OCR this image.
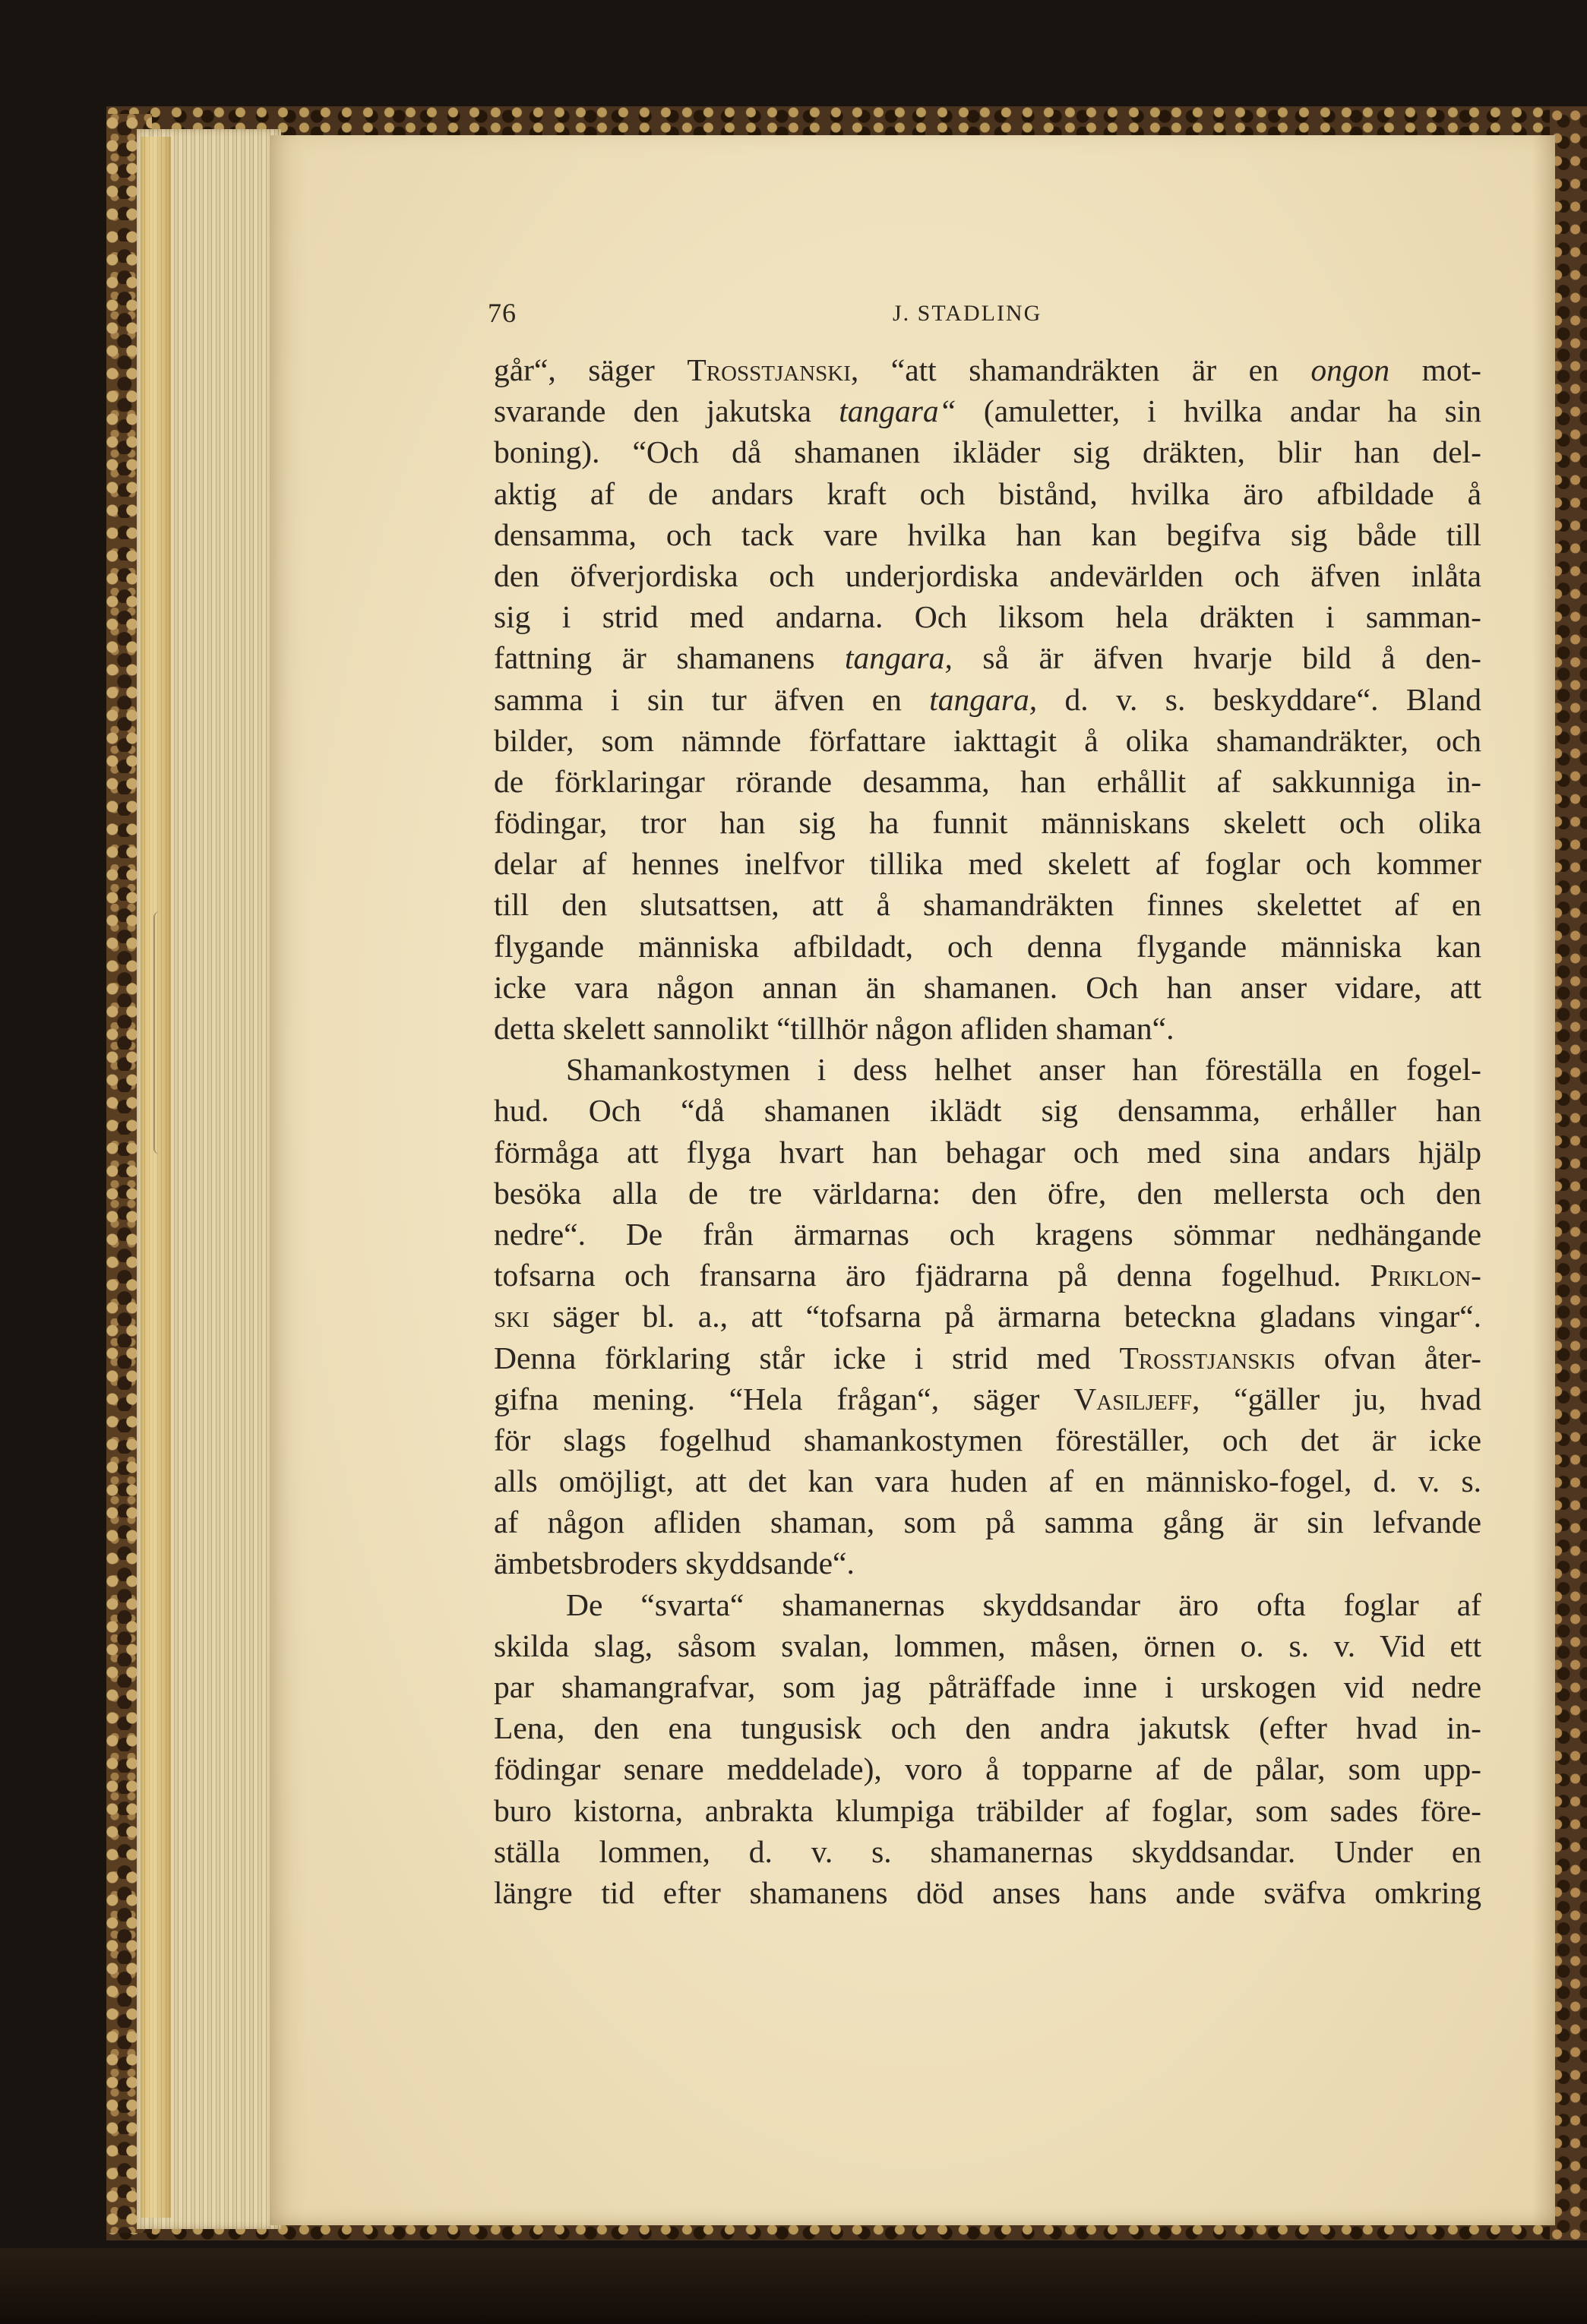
76	J. STADLING
går“, säger Trosstjanski, “att shamandräkten är en ongon mot-
svarande den jakutska tangara“ (amuletter, i hvilka andar ha sin
boning). “Och då shamanen ikläder sig dräkten, blir han del-
aktig af de andars kraft och bistånd, hvilka äro afbildade å
densamma, och tack vare hvilka han kan begifva sig både till
den öfverjordiska och underjordiska andevärlden och äfven inlåta
sig i strid med andarna. Och liksom hela dräkten i samman-
fattning är shamanens tangara, så är äfven hvarje bild å den-
samma i sin tur äfven en tangara, d. v. s. beskyddare“. Bland
bilder, som nämnde författare iakttagit å olika shamandräkter, och
de förklaringar rörande desamma, han erhållit af sakkunniga in-
födingar, tror han sig ha funnit människans skelett och olika
delar af hennes inelfvor tillika med skelett af foglar och kommer
till den slutsattsen, att å shamandräkten finnes skelettet af en
flygande människa afbildadt, och denna flygande människa kan
icke vara någon annan än shamanen. Och han anser vidare, att
detta skelett sannolikt “tillhör någon afliden shaman“.
Shamankostymen i dess helhet anser han föreställa en fogel-
hud. Och “då shamanen iklädt sig densamma, erhåller han
förmåga att flyga hvart han behagar och med sina andars hjälp
besöka alla de tre världarna: den öfre, den mellersta och den
nedre“. De från ärmarnas och kragens sömmar nedhängande
tofsarna och fransarna äro fjädrarna på denna fogelhud. Priklon-
ski säger bl. a., att “tofsarna på ärmarna beteckna gladans vingar“.
Denna förklaring står icke i strid med Trosstjanskis ofvan åter-
gifna mening. “Hela frågan“, säger Vasiljeff, “gäller ju, hvad
för slags fogelhud shamankostymen föreställer, och det är icke
alls omöjligt, att det kan vara huden af en människo-fogel, d. v. s.
af någon afliden shaman, som på samma gång är sin lefvande
ämbetsbroders skyddsande“.
De “svarta“ shamanernas skyddsandar äro ofta foglar af
skilda slag, såsom svalan, lommen, måsen, örnen o. s. v. Vid ett
par shamangrafvar, som jag påträffade inne i urskogen vid nedre
Lena, den ena tungusisk och den andra jakutsk (efter hvad in-
födingar senare meddelade), voro å topparne af de pålar, som upp-
buro kistorna, anbrakta klumpiga träbilder af foglar, som sades före-
ställa lommen, d. v. s. shamanernas skyddsandar. Under en
längre tid efter shamanens död anses hans ande sväfva omkring
